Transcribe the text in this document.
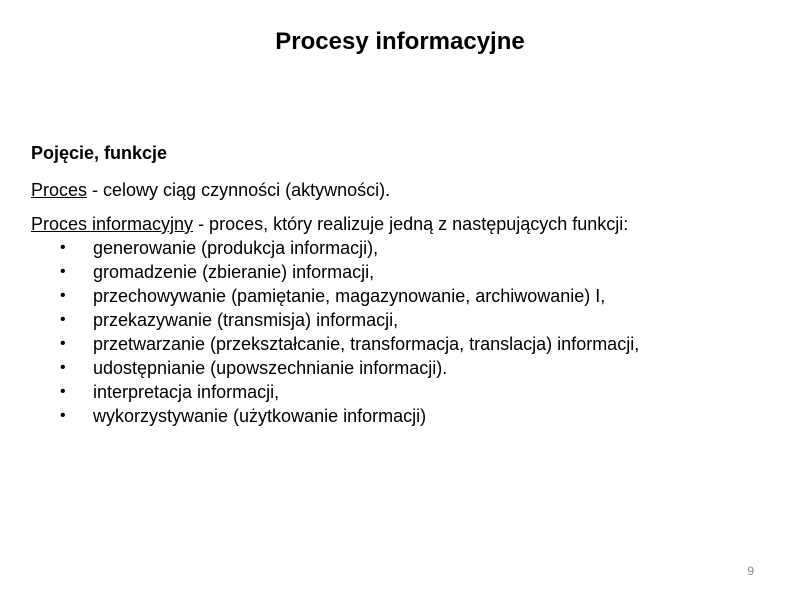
Procesy informacyjne

Pojęcie, funkcje

Proces - celowy ciąg czynności (aktywności).

Proces informacyjny - proces, który realizuje jedną z następujących funkcji:

• generowanie (produkcja informacji),
• gromadzenie (zbieranie) informacji,
• przechowywanie (pamiętanie, magazynowanie, archiwowanie) I,
• przekazywanie (transmisja) informacji,
• przetwarzanie (przekształcanie, transformacja, translacja) informacji,
• udostępnianie (upowszechnianie informacji).
• interpretacja informacji,
• wykorzystywanie (użytkowanie informacji)
9
